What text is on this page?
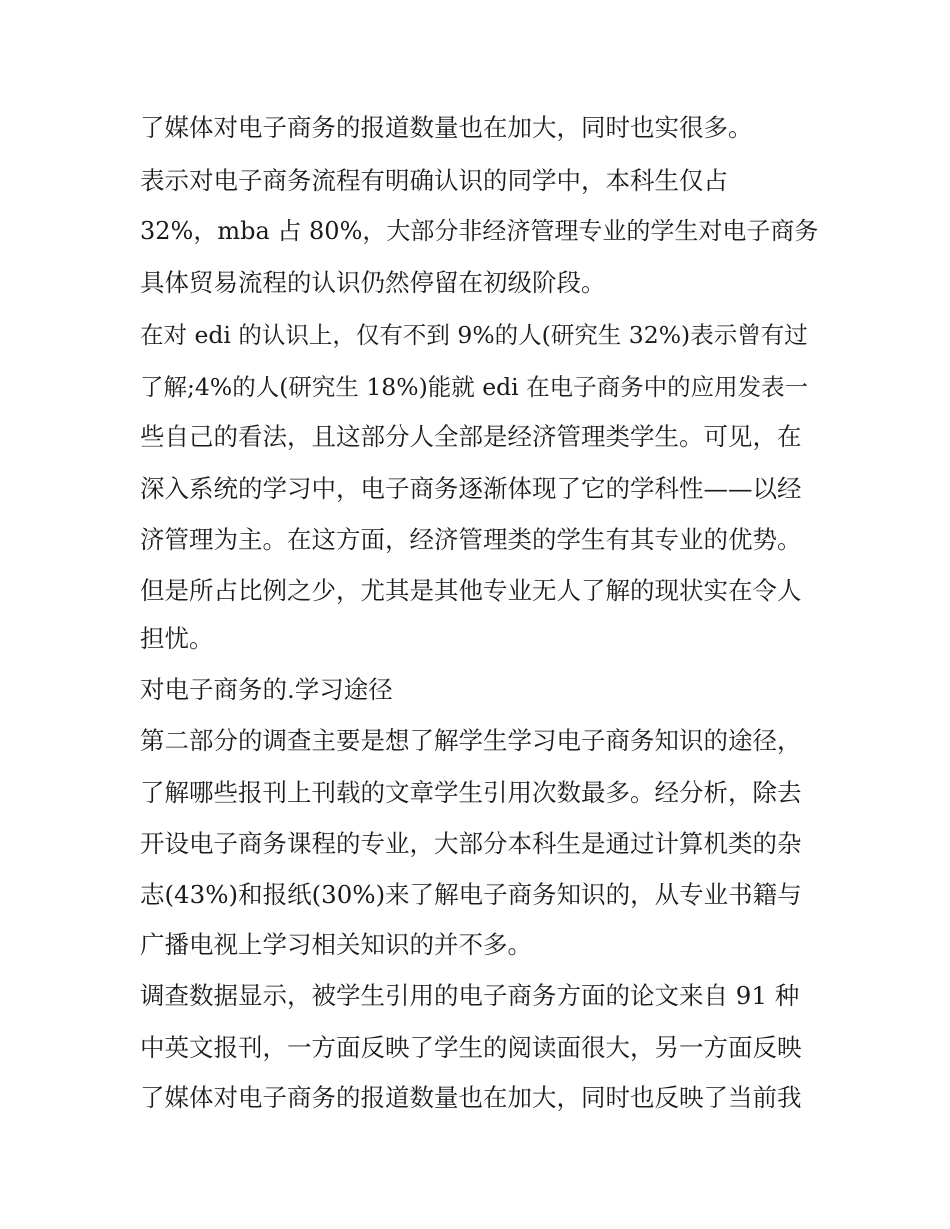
了媒体对电子商务的报道数量也在加大，同时也实很多。
表示对电子商务流程有明确认识的同学中，本科生仅占
32%，mba 占 80%，大部分非经济管理专业的学生对电子商务
具体贸易流程的认识仍然停留在初级阶段。
在对 edi 的认识上，仅有不到 9%的人(研究生 32%)表示曾有过
了解;4%的人(研究生 18%)能就 edi 在电子商务中的应用发表一
些自己的看法，且这部分人全部是经济管理类学生。可见，在
深入系统的学习中，电子商务逐渐体现了它的学科性——以经
济管理为主。在这方面，经济管理类的学生有其专业的优势。
但是所占比例之少，尤其是其他专业无人了解的现状实在令人
担忧。
对电子商务的.学习途径
第二部分的调查主要是想了解学生学习电子商务知识的途径，
了解哪些报刊上刊载的文章学生引用次数最多。经分析，除去
开设电子商务课程的专业，大部分本科生是通过计算机类的杂
志(43%)和报纸(30%)来了解电子商务知识的，从专业书籍与
广播电视上学习相关知识的并不多。
调查数据显示，被学生引用的电子商务方面的论文来自 91 种
中英文报刊，一方面反映了学生的阅读面很大，另一方面反映
了媒体对电子商务的报道数量也在加大，同时也反映了当前我
